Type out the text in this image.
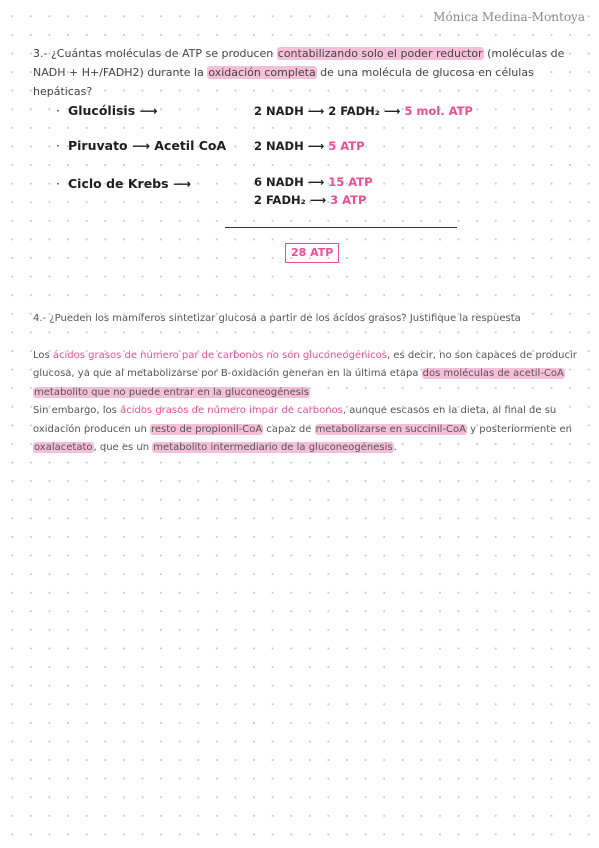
Mónica Medina-Montoya
3.- ¿Cuántas moléculas de ATP se producen contabilizando solo el poder reductor (moléculas de NADH + H+/FADH2) durante la oxidación completa de una molécula de glucosa en células hepáticas?
· Glucólisis ⟶	2 NADH ⟶ 2 FADH₂ ⟶ 5 mol. ATP
· Piruvato ⟶ Acetil CoA 2 NADH ⟶ 5 ATP
· Ciclo de Krebs ⟶	6 NADH ⟶ 15 ATP
2 FADH₂ ⟶ 3 ATP
28 ATP
4.- ¿Pueden los mamíferos sintetizar glucosa a partir de los ácidos grasos? Justifique la respuesta

Los ácidos grasos de número par de carbonos no son gluconeogénicos, es decir, no son capaces de producir glucosa, ya que al metabolizarse por B-oxidación generan en la última etapa dos moléculas de acetil-CoA metabolito que no puede entrar en la gluconeogénesis

Sin embargo, los ácidos grasos de número impar de carbonos, aunque escasos en la dieta, al final de su oxidación producen un resto de propionil-CoA capaz de metabolizarse en succinil-CoA y posteriormente en oxalacetato, que es un metabolito intermediario de la gluconeogénesis.
